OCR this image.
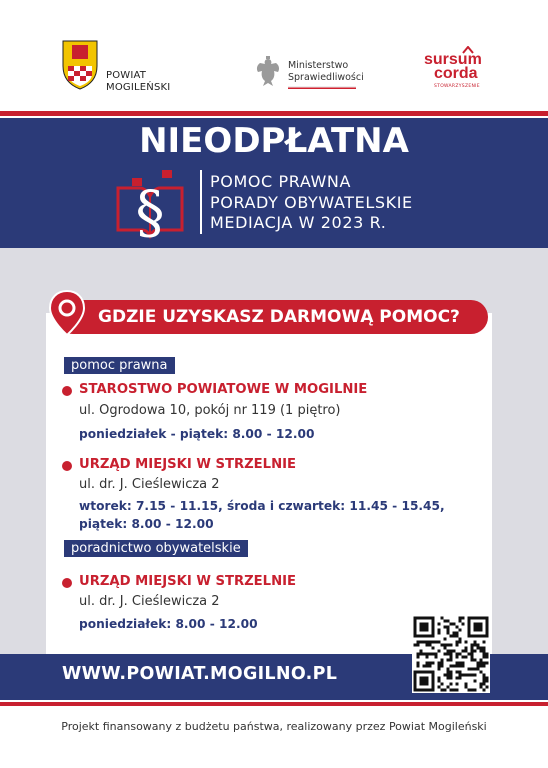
POWIAT
MOGILEŃSKI
Ministerstwo
Sprawiedliwości
sursum
corda
STOWARZYSZENIE
NIEODPŁATNA
§	POMOC PRAWNA
PORADY OBYWATELSKIE
MEDIACJA W 2023 R.
GDZIE UZYSKASZ DARMOWĄ POMOC?
pomoc prawna
STAROSTWO POWIATOWE W MOGILNIE
ul. Ogrodowa 10, pokój nr 119 (1 piętro)
poniedziałek - piątek: 8.00 - 12.00
URZĄD MIEJSKI W STRZELNIE
ul. dr. J. Cieślewicza 2
wtorek: 7.15 - 11.15, środa i czwartek: 11.45 - 15.45,
piątek: 8.00 - 12.00
poradnictwo obywatelskie
URZĄD MIEJSKI W STRZELNIE
ul. dr. J. Cieślewicza 2
poniedziałek: 8.00 - 12.00
WWW.POWIAT.MOGILNO.PL
Projekt finansowany z budżetu państwa, realizowany przez Powiat Mogileński
